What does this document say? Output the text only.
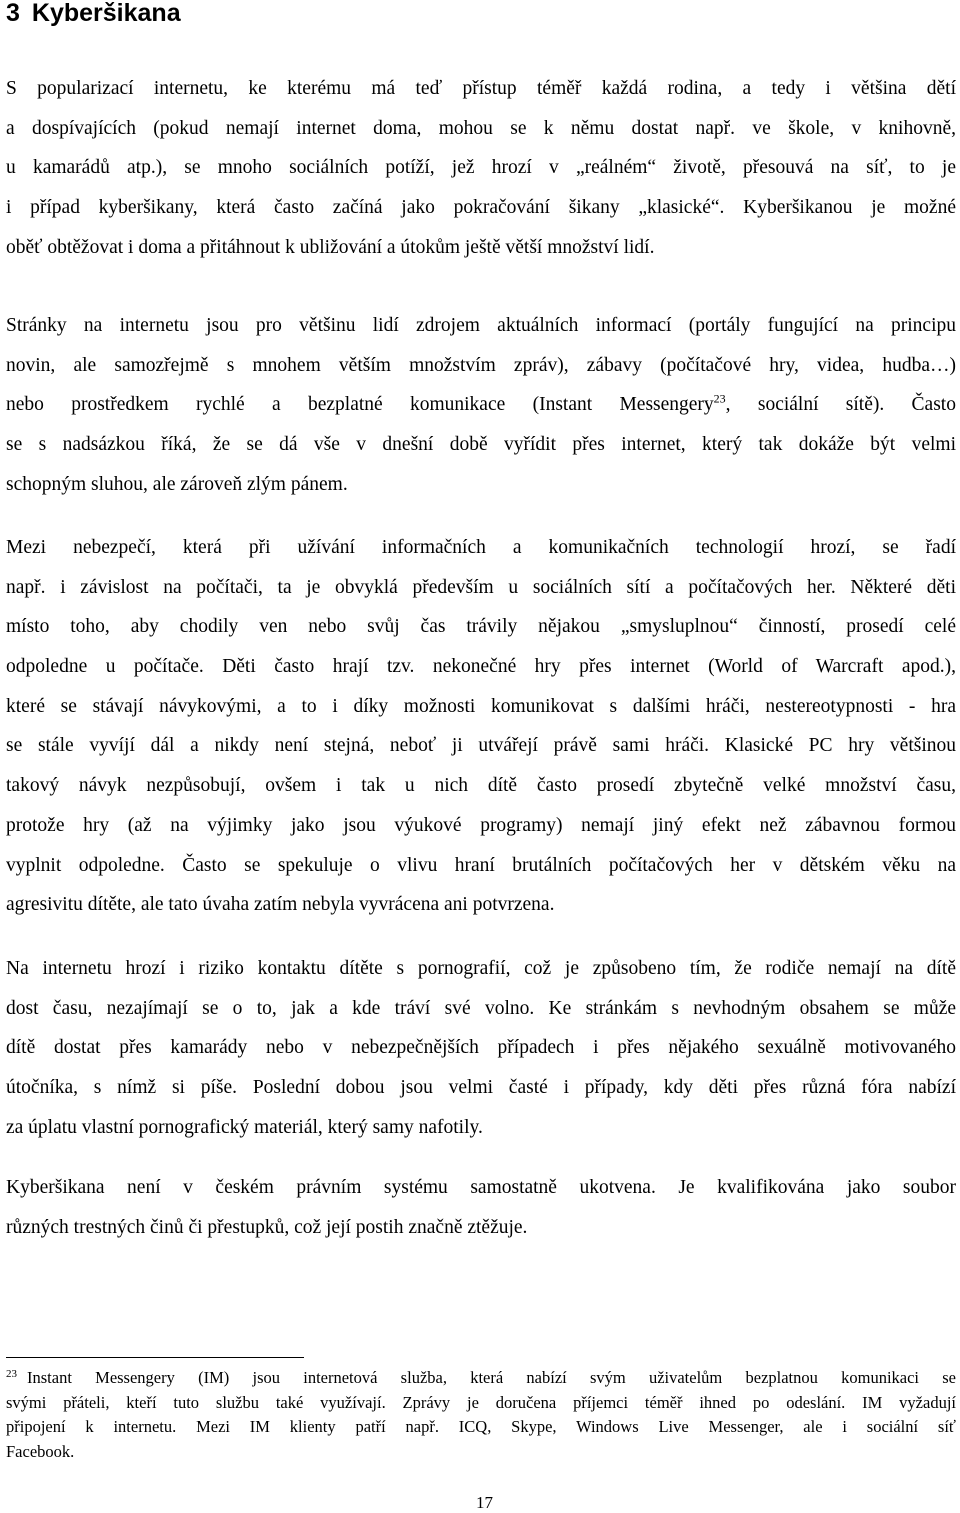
3 Kyberšikana

S popularizací internetu, ke kterému má teď přístup téměř každá rodina, a tedy i většina dětí
a dospívajících (pokud nemají internet doma, mohou se k němu dostat např. ve škole, v knihovně,
u kamarádů atp.), se mnoho sociálních potíží, jež hrozí v „reálném“ životě, přesouvá na síť, to je
i případ kyberšikany, která často začíná jako pokračování šikany „klasické“. Kyberšikanou je možné
oběť obtěžovat i doma a přitáhnout k ubližování a útokům ještě větší množství lidí.

Stránky na internetu jsou pro většinu lidí zdrojem aktuálních informací (portály fungující na principu
novin, ale samozřejmě s mnohem větším množstvím zpráv), zábavy (počítačové hry, videa, hudba…)
nebo prostředkem rychlé a bezplatné komunikace (Instant Messengery$^{23}$, sociální sítě). Často
se s nadsázkou říká, že se dá vše v dnešní době vyřídit přes internet, který tak dokáže být velmi
schopným sluhou, ale zároveň zlým pánem.

Mezi nebezpečí, která při užívání informačních a komunikačních technologií hrozí, se řadí
např. i závislost na počítači, ta je obvyklá především u sociálních sítí a počítačových her. Některé děti
místo toho, aby chodily ven nebo svůj čas trávily nějakou „smysluplnou“ činností, prosedí celé
odpoledne u počítače. Děti často hrají tzv. nekonečné hry přes internet (World of Warcraft apod.),
které se stávají návykovými, a to i díky možnosti komunikovat s dalšími hráči, nestereotypnosti - hra
se stále vyvíjí dál a nikdy není stejná, neboť ji utvářejí právě sami hráči. Klasické PC hry většinou
takový návyk nezpůsobují, ovšem i tak u nich dítě často prosedí zbytečně velké množství času,
protože hry (až na výjimky jako jsou výukové programy) nemají jiný efekt než zábavnou formou
vyplnit odpoledne. Často se spekuluje o vlivu hraní brutálních počítačových her v dětském věku na
agresivitu dítěte, ale tato úvaha zatím nebyla vyvrácena ani potvrzena.

Na internetu hrozí i riziko kontaktu dítěte s pornografií, což je způsobeno tím, že rodiče nemají na dítě
dost času, nezajímají se o to, jak a kde tráví své volno. Ke stránkám s nevhodným obsahem se může
dítě dostat přes kamarády nebo v nebezpečnějších případech i přes nějakého sexuálně motivovaného
útočníka, s nímž si píše. Poslední dobou jsou velmi časté i případy, kdy děti přes různá fóra nabízí
za úplatu vlastní pornografický materiál, který samy nafotily.

Kyberšikana není v českém právním systému samostatně ukotvena. Je kvalifikována jako soubor
různých trestných činů či přestupků, což její postih značně ztěžuje.

$^{23}$ Instant Messengery (IM) jsou internetová služba, která nabízí svým uživatelům bezplatnou komunikaci se
svými přáteli, kteří tuto službu také využívají. Zprávy je doručena příjemci téměř ihned po odeslání. IM vyžadují
připojení k internetu. Mezi IM klienty patří např. ICQ, Skype, Windows Live Messenger, ale i sociální síť
Facebook.

17
